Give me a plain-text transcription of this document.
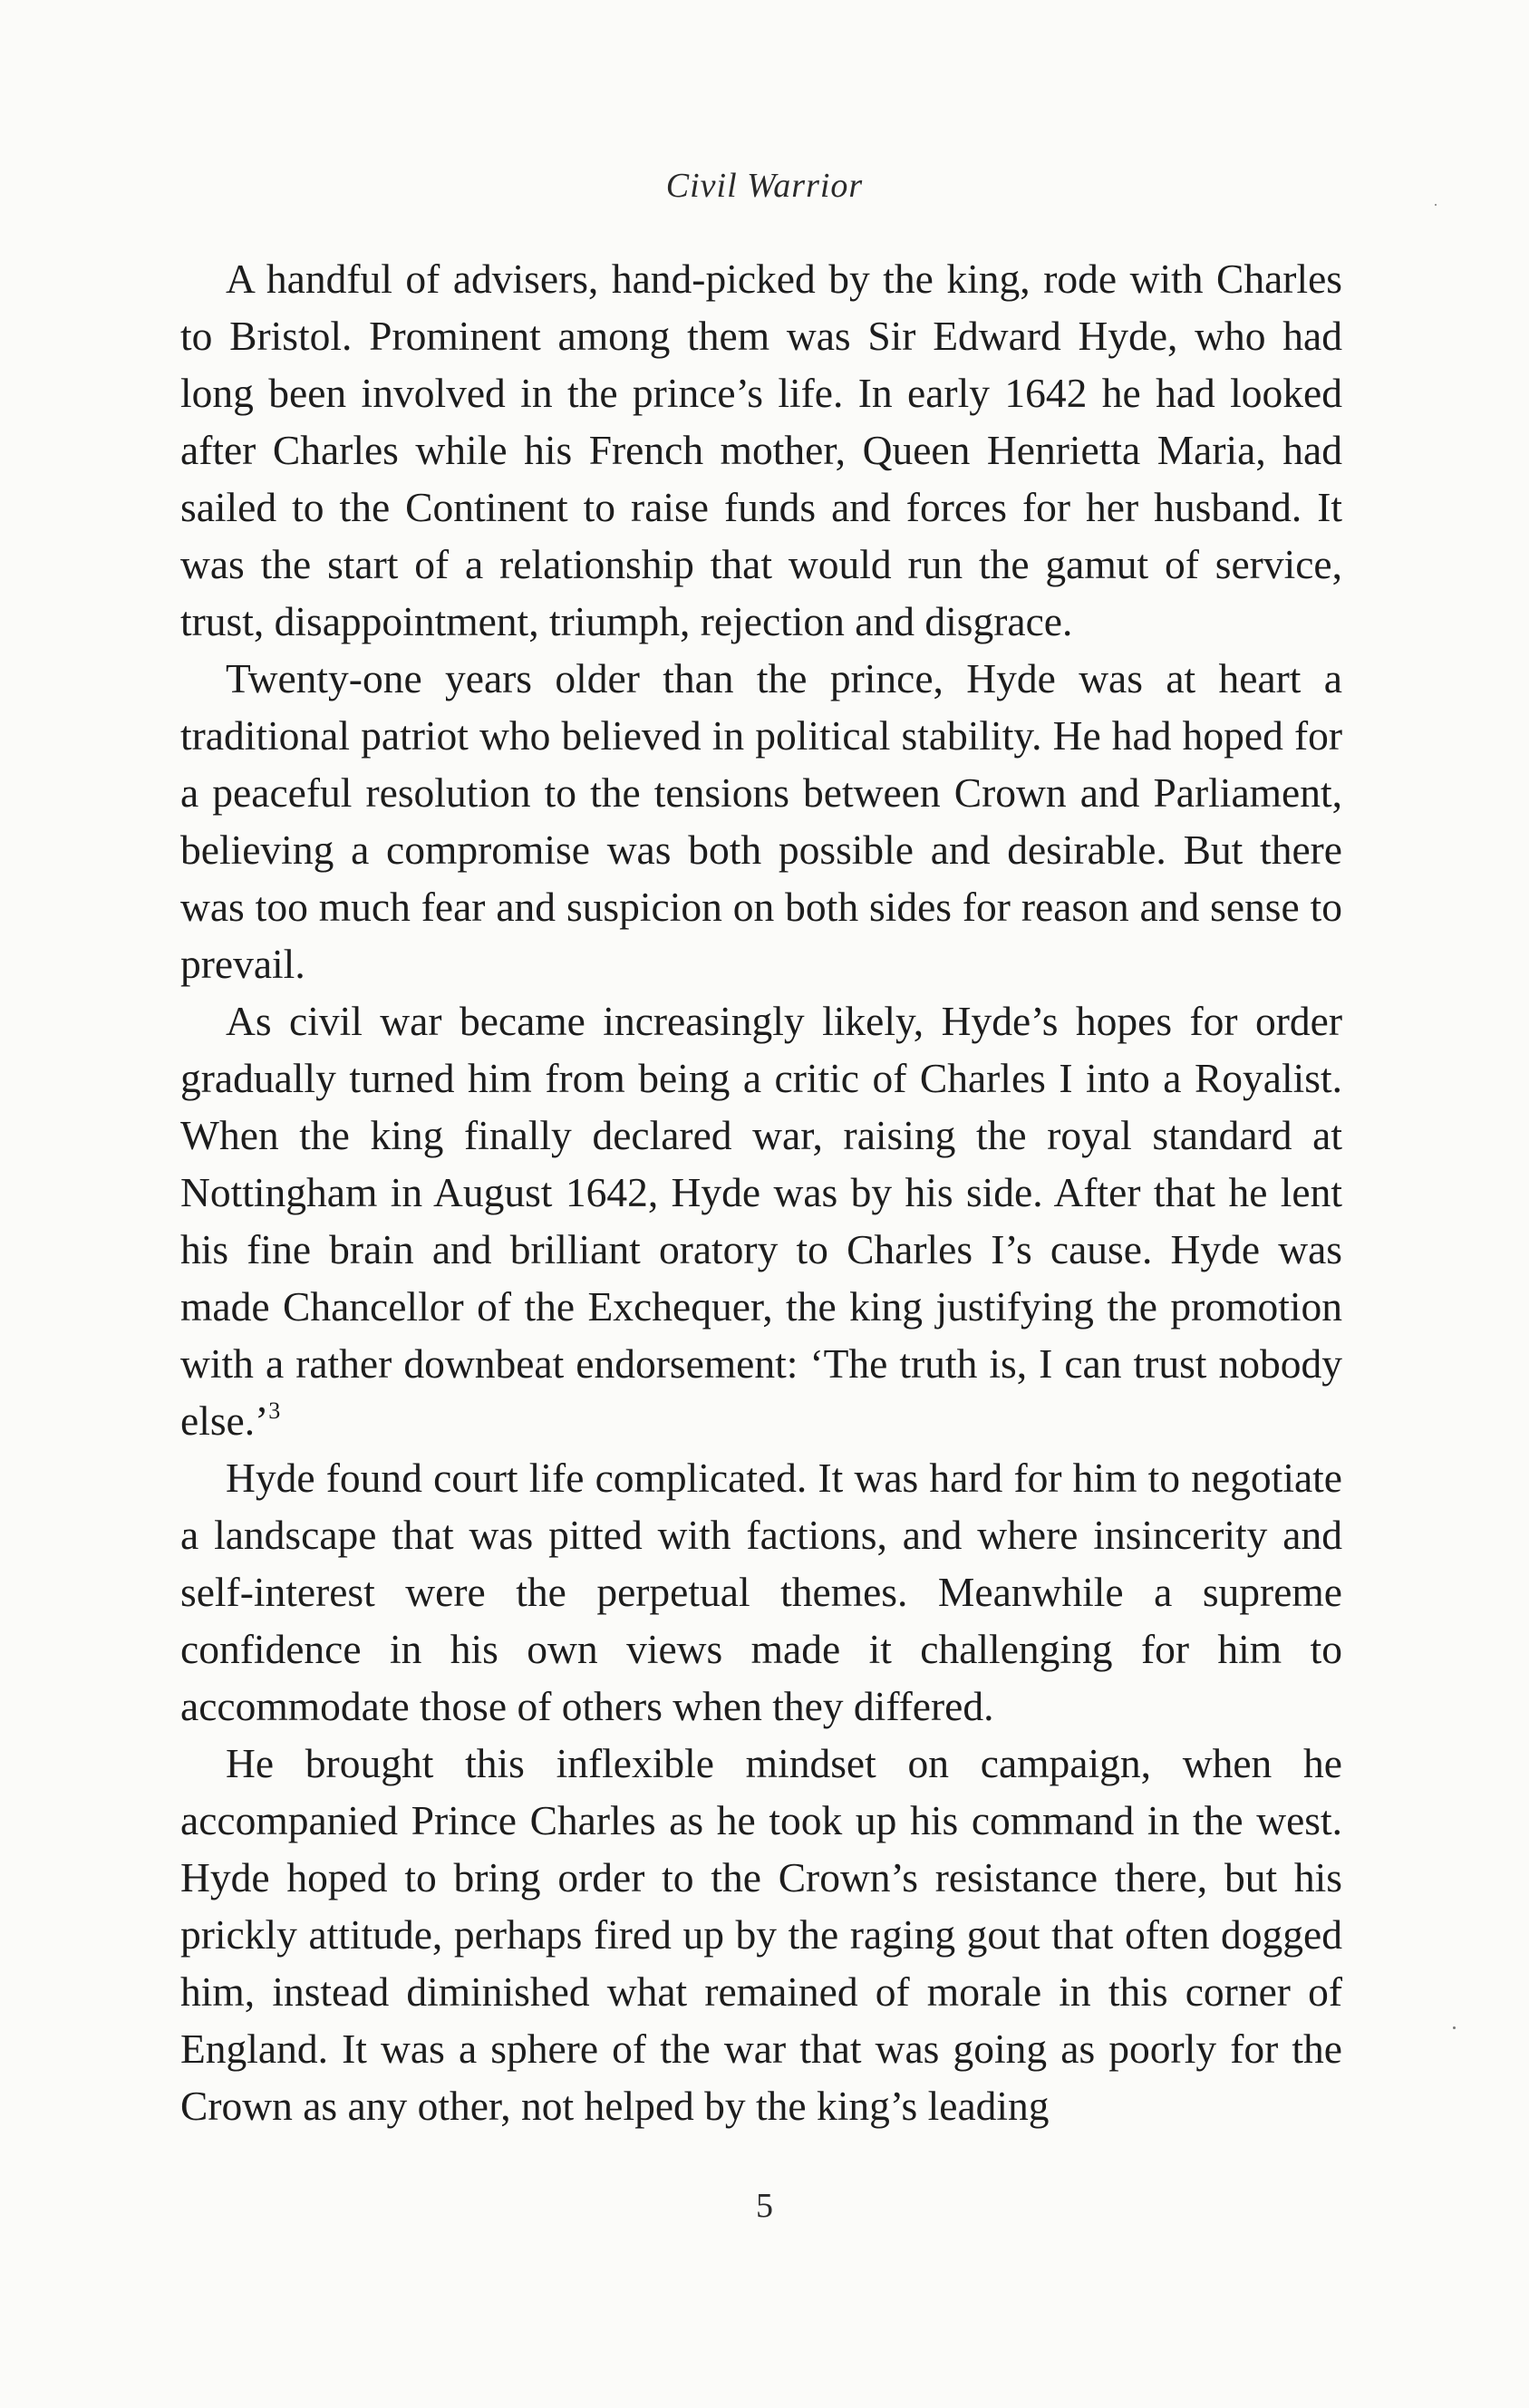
Civil Warrior

A handful of advisers, hand-picked by the king, rode with Charles to Bristol. Prominent among them was Sir Edward Hyde, who had long been involved in the prince’s life. In early 1642 he had looked after Charles while his French mother, Queen Henrietta Maria, had sailed to the Continent to raise funds and forces for her husband. It was the start of a relationship that would run the gamut of service, trust, disappointment, triumph, rejection and disgrace.

Twenty-one years older than the prince, Hyde was at heart a traditional patriot who believed in political stability. He had hoped for a peaceful resolution to the tensions between Crown and Parliament, believing a compromise was both possible and desirable. But there was too much fear and suspicion on both sides for reason and sense to prevail.

As civil war became increasingly likely, Hyde’s hopes for order gradually turned him from being a critic of Charles I into a Royalist. When the king finally declared war, raising the royal standard at Nottingham in August 1642, Hyde was by his side. After that he lent his fine brain and brilliant oratory to Charles I’s cause. Hyde was made Chancellor of the Exchequer, the king justifying the promotion with a rather downbeat endorsement: ‘The truth is, I can trust nobody else.’$^3$

Hyde found court life complicated. It was hard for him to negotiate a landscape that was pitted with factions, and where insincerity and self-interest were the perpetual themes. Meanwhile a supreme confidence in his own views made it challenging for him to accommodate those of others when they differed.

He brought this inflexible mindset on campaign, when he accompanied Prince Charles as he took up his command in the west. Hyde hoped to bring order to the Crown’s resistance there, but his prickly attitude, perhaps fired up by the raging gout that often dogged him, instead diminished what remained of morale in this corner of England. It was a sphere of the war that was going as poorly for the Crown as any other, not helped by the king’s leading

5
